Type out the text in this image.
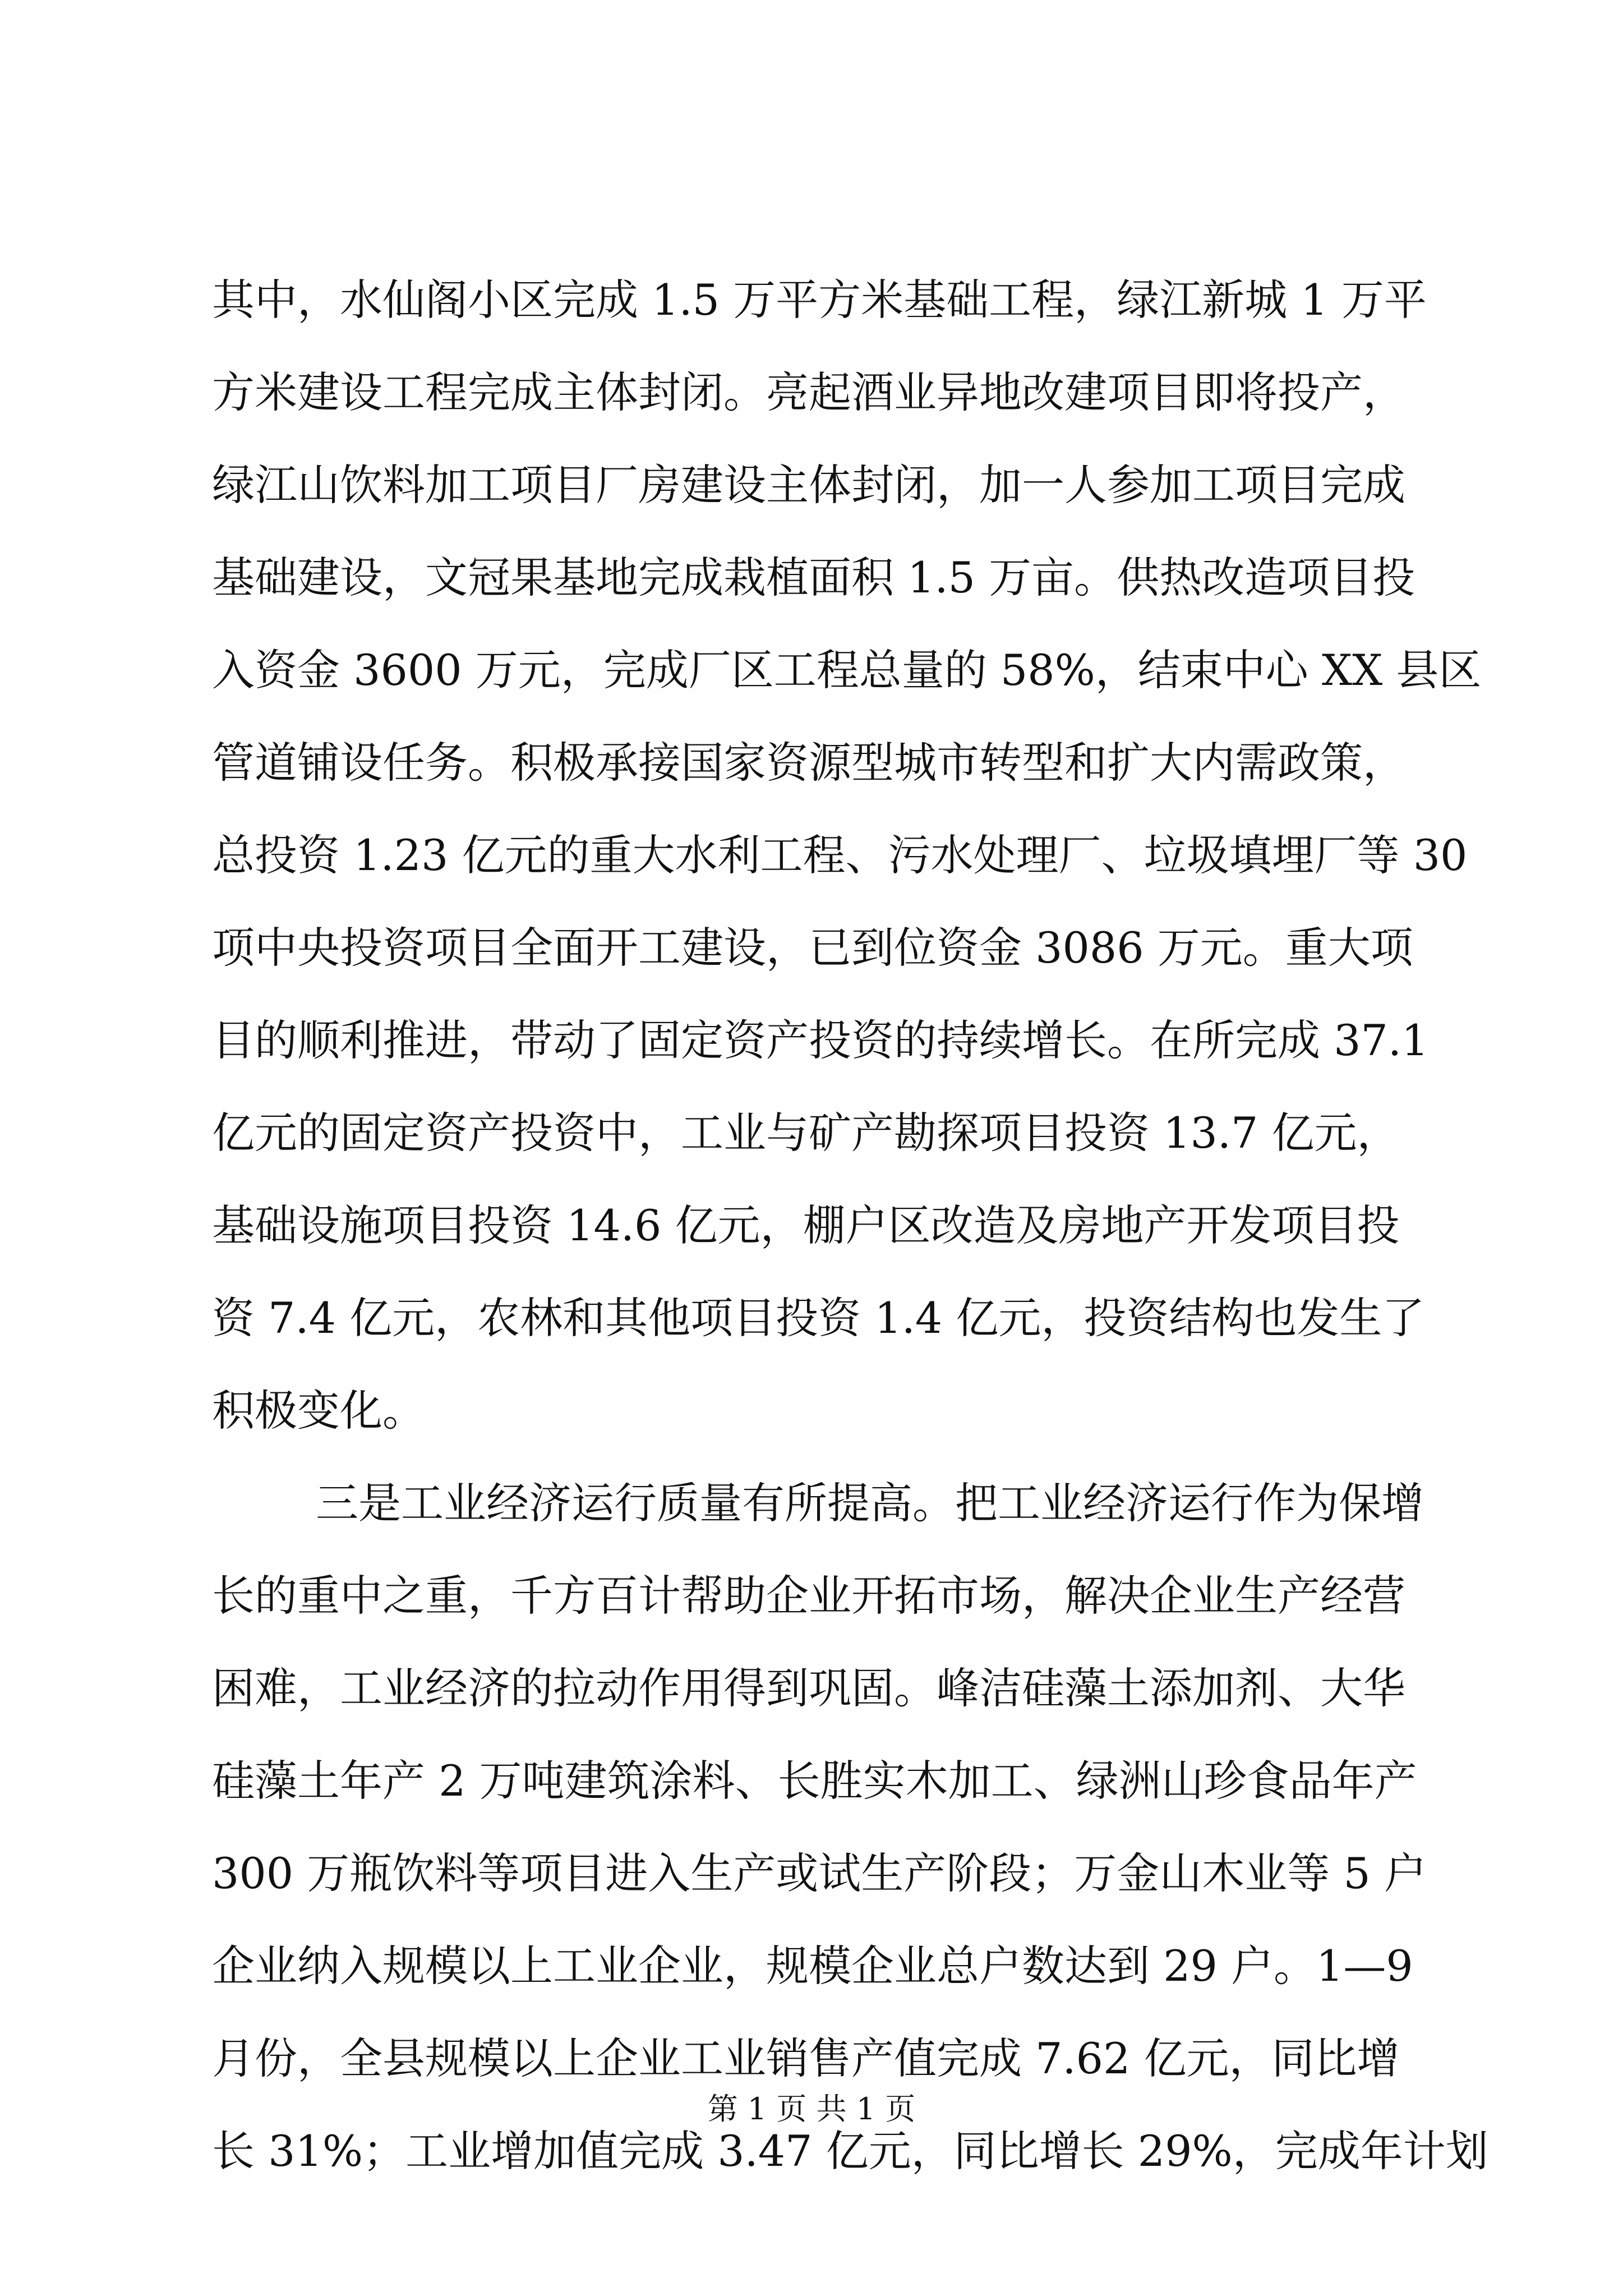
其中，水仙阁小区完成 1.5 万平方米基础工程，绿江新城 1 万平
方米建设工程完成主体封闭。亮起酒业异地改建项目即将投产，
绿江山饮料加工项目厂房建设主体封闭，加一人参加工项目完成
基础建设，文冠果基地完成栽植面积 1.5 万亩。供热改造项目投
入资金 3600 万元，完成厂区工程总量的 58%，结束中心 XX 县区
管道铺设任务。积极承接国家资源型城市转型和扩大内需政策，
总投资 1.23 亿元的重大水利工程、污水处理厂、垃圾填埋厂等 30
项中央投资项目全面开工建设，已到位资金 3086 万元。重大项
目的顺利推进，带动了固定资产投资的持续增长。在所完成 37.1
亿元的固定资产投资中，工业与矿产勘探项目投资 13.7 亿元，
基础设施项目投资 14.6 亿元，棚户区改造及房地产开发项目投
资 7.4 亿元，农林和其他项目投资 1.4 亿元，投资结构也发生了
积极变化。
三是工业经济运行质量有所提高。把工业经济运行作为保增
长的重中之重，千方百计帮助企业开拓市场，解决企业生产经营
困难，工业经济的拉动作用得到巩固。峰洁硅藻土添加剂、大华
硅藻土年产 2 万吨建筑涂料、长胜实木加工、绿洲山珍食品年产
300 万瓶饮料等项目进入生产或试生产阶段；万金山木业等 5 户
企业纳入规模以上工业企业，规模企业总户数达到 29 户。1—9
月份，全县规模以上企业工业销售产值完成 7.62 亿元，同比增
长 31%；工业增加值完成 3.47 亿元，同比增长 29%，完成年计划
第 1 页 共 1 页
